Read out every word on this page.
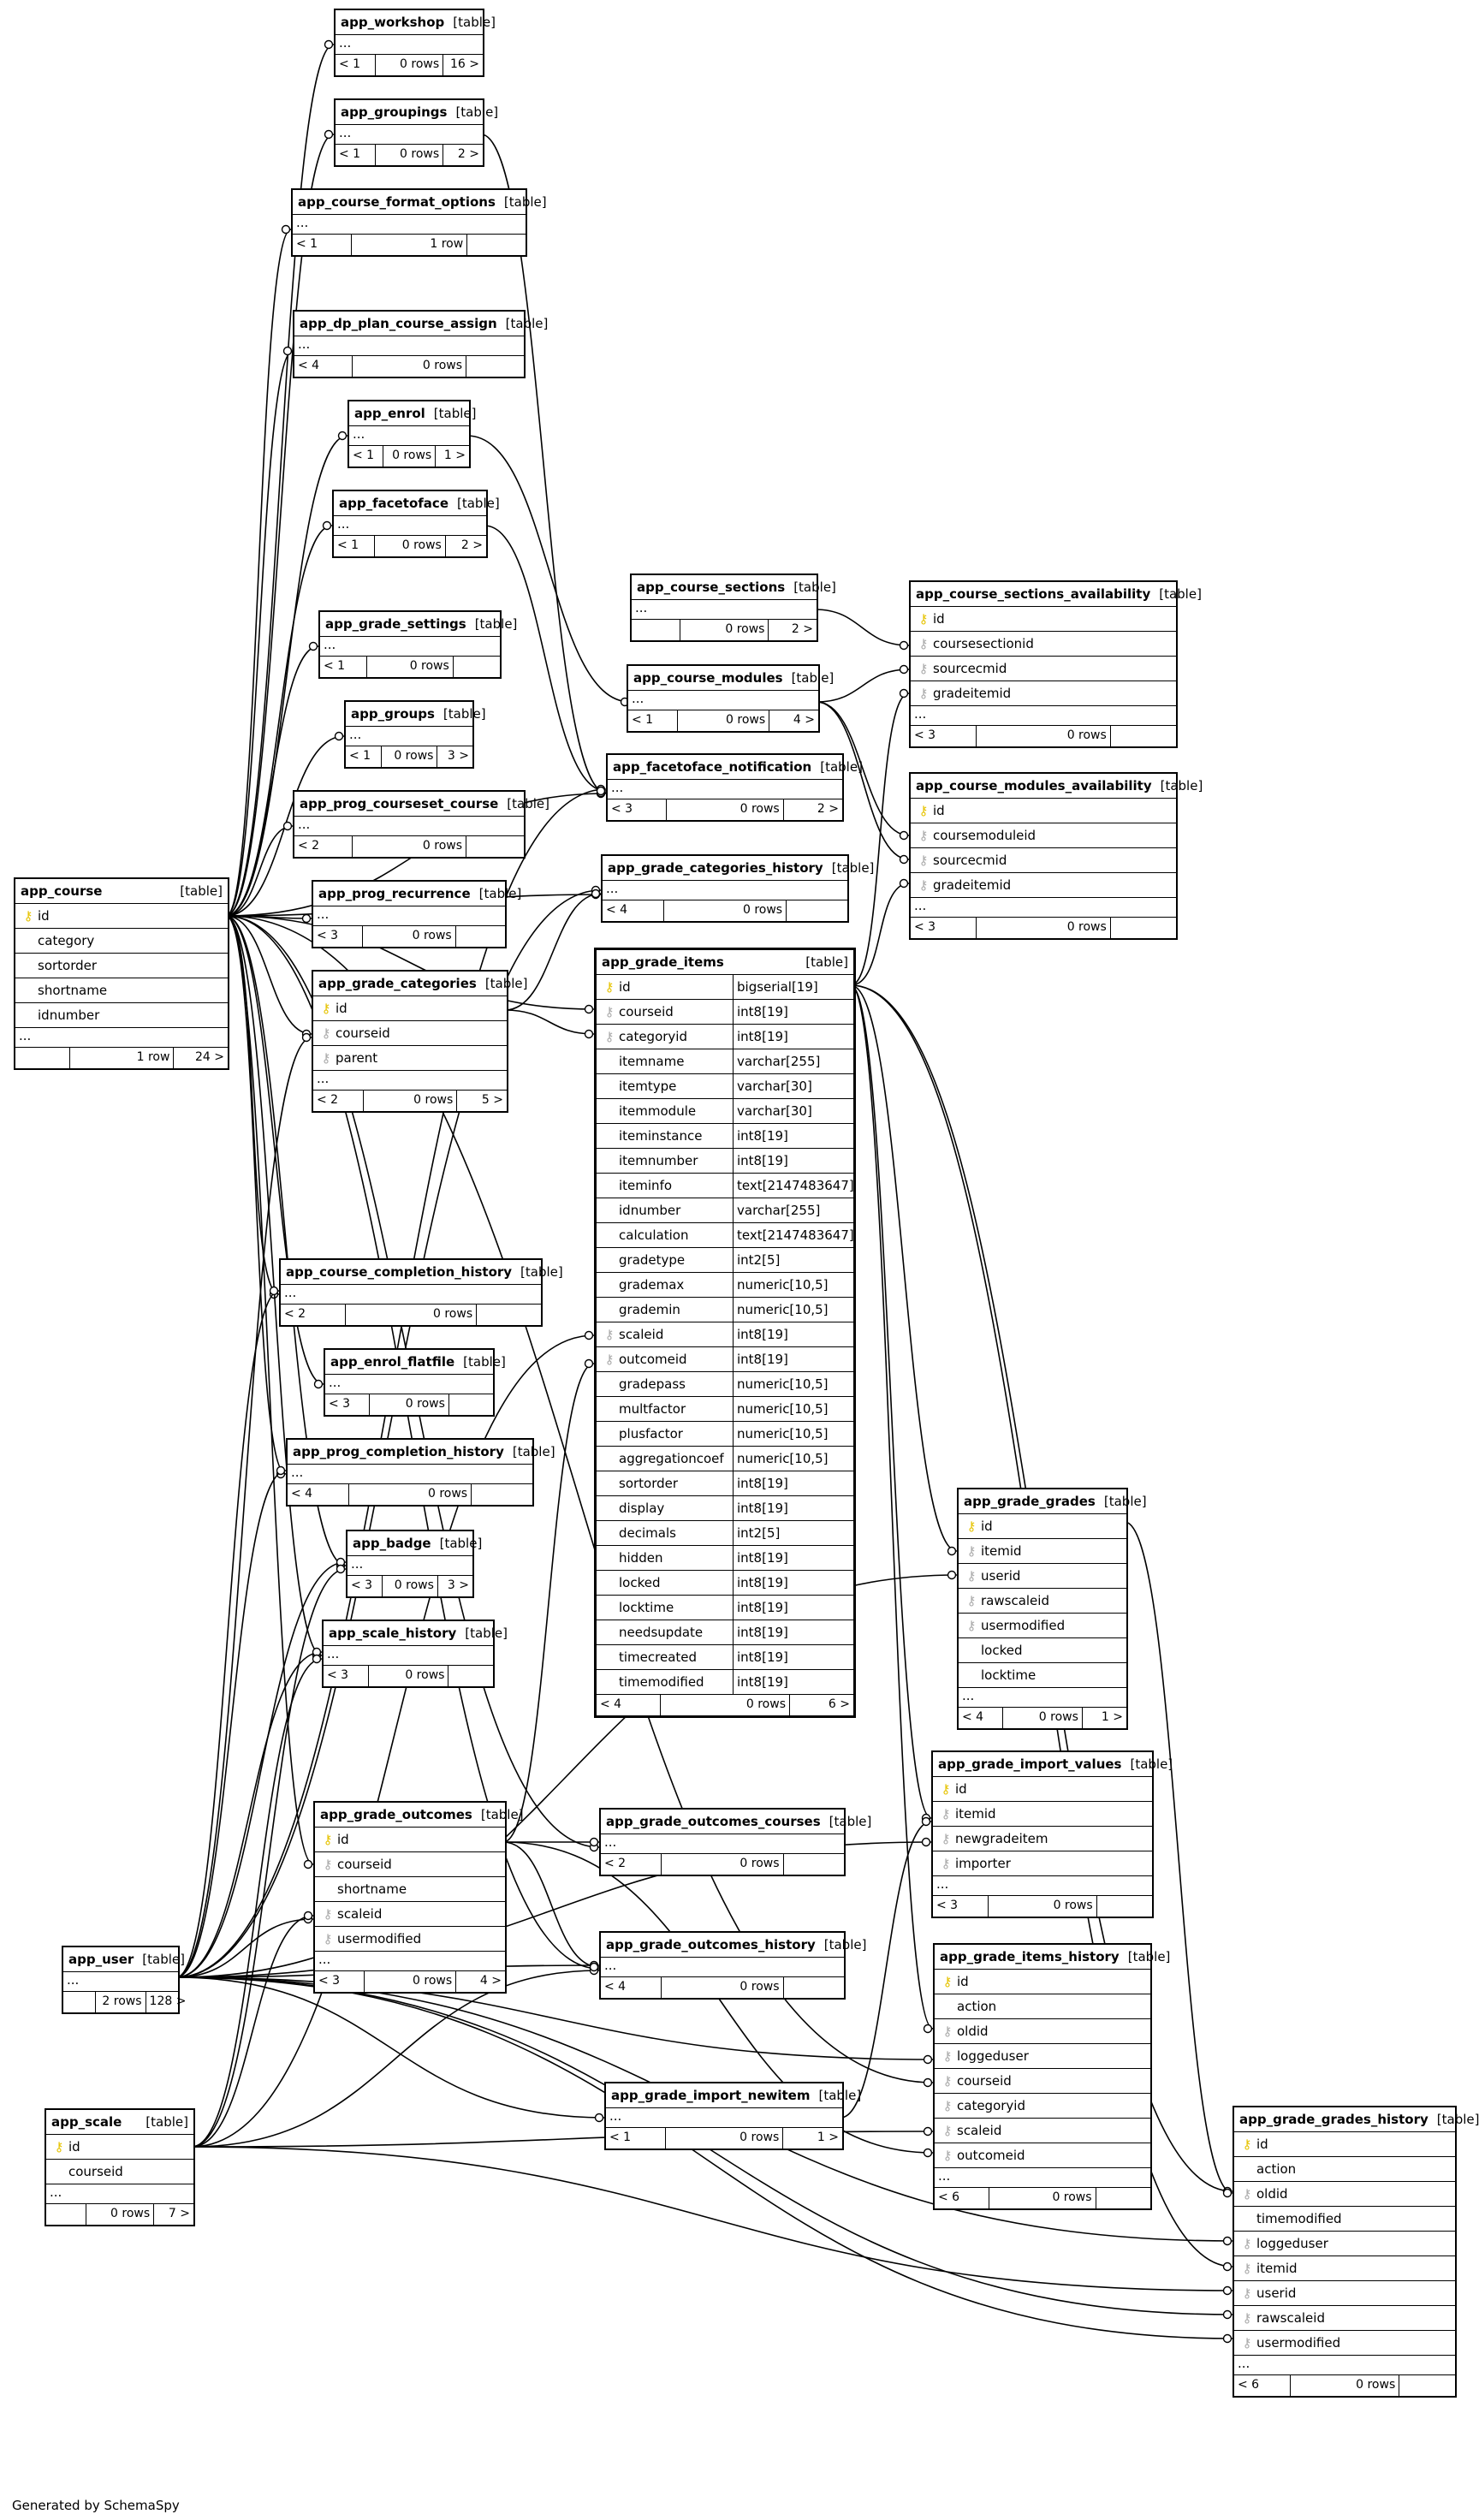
app_workshop [table]
...
< 1	0 rows 16 >
app_groupings [table]
...
< 1	0 rows	2 >
app_course_format_options [table]
...
< 1	1 row
app_dp_plan_course_assign [table]
...
< 4	0 rows
app_enrol [table]
...
< 1	0 rows	1 >
app_facetoface [table]
...
< 1	0 rows	2 >
app_grade_settings [table]
...
< 1	0 rows
app_groups [table]
...
< 1	0 rows	3 >
app_prog_courseset_course [table]
...
< 2	0 rows
app_prog_recurrence [table]
...
< 3	0 rows
app_course	[table]
⚷ id
category
sortorder
shortname
idnumber
...
1 row	24 >
app_grade_categories [table]
⚷ id
⚷ courseid
⚷ parent
...
< 2	0 rows	5 >
app_course_sections [table]
...
0 rows	2 >
app_course_modules [table]
...
< 1	0 rows	4 >
app_facetoface_notification [table]
...
< 3	0 rows	2 >
app_grade_categories_history [table]
...
< 4	0 rows
app_course_sections_availability [table]
⚷ id
⚷ coursesectionid
⚷ sourcecmid
⚷ gradeitemid
...
< 3	0 rows
app_course_modules_availability [table]
⚷ id
⚷ coursemoduleid
⚷ sourcecmid
⚷ gradeitemid
...
< 3	0 rows
app_grade_items	[table]
⚷ id	bigserial[19]
⚷ courseid	int8[19]
⚷ categoryid	int8[19]
itemname	varchar[255]
itemtype	varchar[30]
itemmodule	varchar[30]
iteminstance	int8[19]
itemnumber	int8[19]
iteminfo	text[2147483647]
idnumber	varchar[255]
calculation	text[2147483647]
gradetype	int2[5]
grademax	numeric[10,5]
grademin	numeric[10,5]
⚷ scaleid	int8[19]
⚷ outcomeid	int8[19]
gradepass	numeric[10,5]
multfactor	numeric[10,5]
plusfactor	numeric[10,5]
aggregationcoef	numeric[10,5]
sortorder	int8[19]
display	int8[19]
decimals	int2[5]
hidden	int8[19]
locked	int8[19]
locktime	int8[19]
needsupdate	int8[19]
timecreated	int8[19]
timemodified	int8[19]
< 4	0 rows	6 >
app_course_completion_history [table]
...
< 2	0 rows
app_enrol_flatfile [table]
...
< 3	0 rows
app_prog_completion_history [table]
...
< 4	0 rows
app_badge [table]
...
< 3	0 rows	3 >
app_scale_history [table]
...
< 3	0 rows
app_grade_grades [table]
⚷ id
⚷ itemid
⚷ userid
⚷ rawscaleid
⚷ usermodified
locked
locktime
...
< 4	0 rows	1 >
app_grade_import_values [table]
⚷ id
⚷ itemid
⚷ newgradeitem
⚷ importer
...
< 3	0 rows
app_grade_outcomes [table]
⚷ id
⚷ courseid
shortname
⚷ scaleid
⚷ usermodified
...
< 3	0 rows	4 >
app_grade_outcomes_courses [table]
...
< 2	0 rows
app_grade_outcomes_history [table]
...
< 4	0 rows
app_grade_items_history [table]
⚷ id
action
⚷ oldid
⚷ loggeduser
⚷ courseid
⚷ categoryid
⚷ scaleid
⚷ outcomeid
...
< 6	0 rows
app_user [table]
...
2 rows 128 >
app_scale [table]
⚷ id
courseid
...
0 rows	7 >
app_grade_import_newitem [table]
...
< 1	0 rows	1 >
app_grade_grades_history [table]
⚷ id
action
⚷ oldid
timemodified
⚷ loggeduser
⚷ itemid
⚷ userid
⚷ rawscaleid
⚷ usermodified
...
< 6	0 rows
Generated by SchemaSpy
